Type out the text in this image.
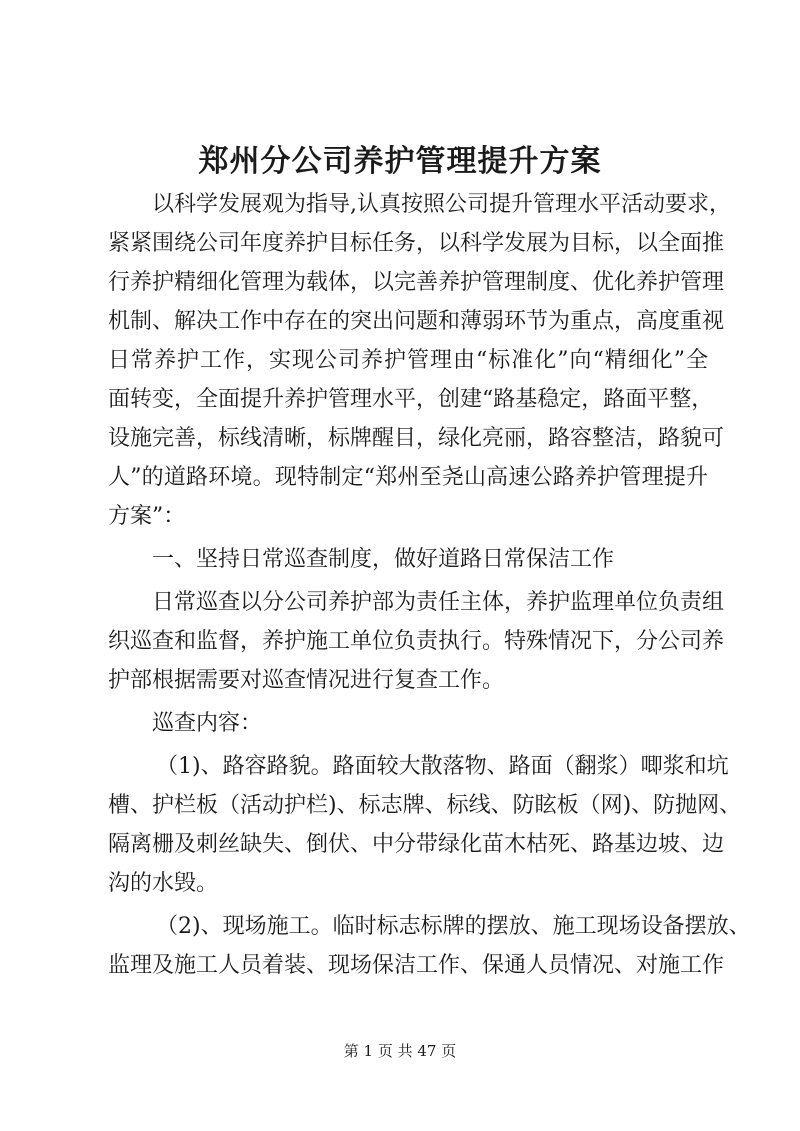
郑州分公司养护管理提升方案
以科学发展观为指导,认真按照公司提升管理水平活动要求，
紧紧围绕公司年度养护目标任务，以科学发展为目标，以全面推
行养护精细化管理为载体，以完善养护管理制度、优化养护管理
机制、解决工作中存在的突出问题和薄弱环节为重点，高度重视
日常养护工作，实现公司养护管理由“标准化”向“精细化”全
面转变，全面提升养护管理水平，创建“路基稳定，路面平整，
设施完善，标线清晰，标牌醒目，绿化亮丽，路容整洁，路貌可
人”的道路环境。现特制定“郑州至尧山高速公路养护管理提升
方案”：
一、坚持日常巡查制度，做好道路日常保洁工作
日常巡查以分公司养护部为责任主体，养护监理单位负责组
织巡查和监督，养护施工单位负责执行。特殊情况下，分公司养
护部根据需要对巡查情况进行复查工作。
巡查内容：
（1)、路容路貌。路面较大散落物、路面（翻浆）唧浆和坑
槽、护栏板（活动护栏)、标志牌、标线、防眩板（网)、防抛网、
隔离栅及刺丝缺失、倒伏、中分带绿化苗木枯死、路基边坡、边
沟的水毁。
（2)、现场施工。临时标志标牌的摆放、施工现场设备摆放、
监理及施工人员着装、现场保洁工作、保通人员情况、对施工作
第 1 页 共 47 页
